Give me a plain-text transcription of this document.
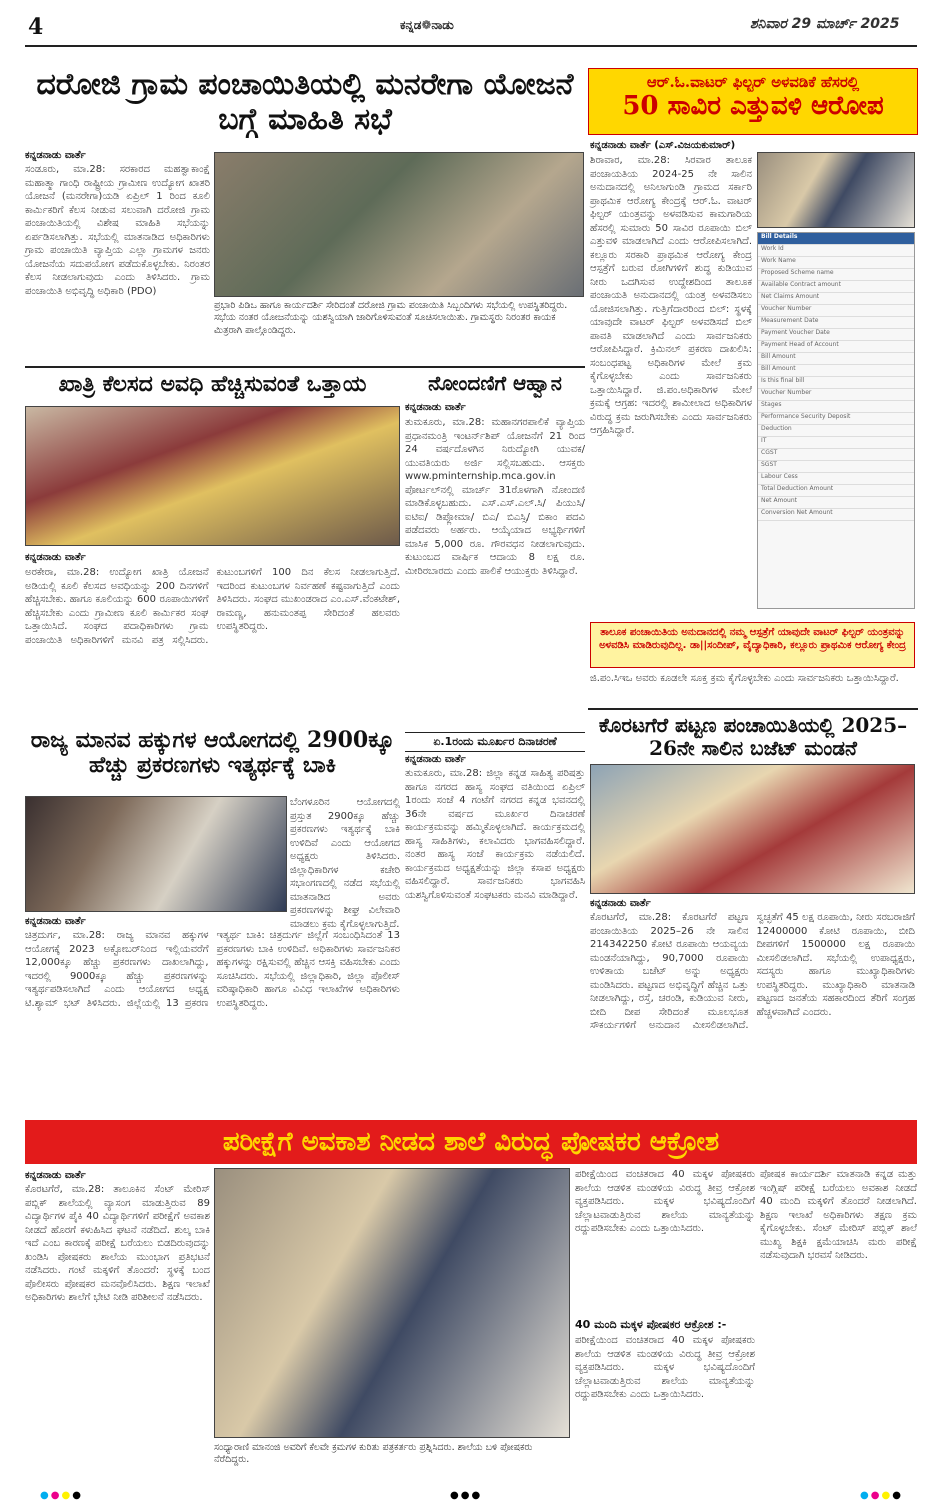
4	ಕನ್ನಡ❁ನಾಡು	ಶನಿವಾರ 29 ಮಾರ್ಚ್ 2025
ದರೋಜಿ ಗ್ರಾಮ ಪಂಚಾಯಿತಿಯಲ್ಲಿ ಮನರೇಗಾ ಯೋಜನೆ ಬಗ್ಗೆ ಮಾಹಿತಿ ಸಭೆ
ಕನ್ನಡನಾಡು ವಾರ್ತೆ
ಸಂಡೂರು, ಮಾ.28: ಸರಕಾರದ ಮಹತ್ವಾಕಾಂಕ್ಷೆ ಮಹಾತ್ಮಾ ಗಾಂಧಿ ರಾಷ್ಟ್ರೀಯ ಗ್ರಾಮೀಣ ಉದ್ಯೋಗ ಖಾತರಿ ಯೋಜನೆ (ಮನರೇಗಾ)ಯಡಿ ಏಪ್ರಿಲ್ 1 ರಿಂದ ಕೂಲಿ ಕಾರ್ಮಿಕರಿಗೆ ಕೆಲಸ ನೀಡುವ ಸಲುವಾಗಿ ದರೋಜಿ ಗ್ರಾಮ ಪಂಚಾಯಿತಿಯಲ್ಲಿ ವಿಶೇಷ ಮಾಹಿತಿ ಸಭೆಯನ್ನು ಏರ್ಪಡಿಸಲಾಗಿತ್ತು. ಸಭೆಯಲ್ಲಿ ಮಾತನಾಡಿದ ಅಧಿಕಾರಿಗಳು ಗ್ರಾಮ ಪಂಚಾಯಿತಿ ವ್ಯಾಪ್ತಿಯ ಎಲ್ಲಾ ಗ್ರಾಮಗಳ ಜನರು ಯೋಜನೆಯ ಸದುಪಯೋಗ ಪಡೆದುಕೊಳ್ಳಬೇಕು. ನಿರಂತರ ಕೆಲಸ ನೀಡಲಾಗುವುದು ಎಂದು ತಿಳಿಸಿದರು. ಗ್ರಾಮ ಪಂಚಾಯಿತಿ ಅಭಿವೃದ್ಧಿ ಅಧಿಕಾರಿ (PDO)
ಪ್ರಭಾರಿ ಪಿಡಿಒ ಹಾಗೂ ಕಾರ್ಯದರ್ಶಿ ಸೇರಿದಂತೆ ದರೋಜಿ ಗ್ರಾಮ ಪಂಚಾಯಿತಿ ಸಿಬ್ಬಂದಿಗಳು ಸಭೆಯಲ್ಲಿ ಉಪಸ್ಥಿತರಿದ್ದರು. ಸಭೆಯ ನಂತರ ಯೋಜನೆಯನ್ನು ಯಶಸ್ವಿಯಾಗಿ ಜಾರಿಗೊಳಿಸುವಂತೆ ಸೂಚಿಸಲಾಯಿತು. ಗ್ರಾಮಸ್ಥರು ನಿರಂತರ ಕಾಯಕ ಮಿತ್ರರಾಗಿ ಪಾಲ್ಗೊಂಡಿದ್ದರು.
ಆರ್.ಓ.ವಾಟರ್ ಫಿಲ್ಟರ್ ಅಳವಡಿಕೆ ಹೆಸರಲ್ಲಿ
50 ಸಾವಿರ ಎತ್ತುವಳಿ ಆರೋಪ
ಕನ್ನಡನಾಡು ವಾರ್ತೆ (ಎಸ್.ವಿಜಯಕುಮಾರ್)
ಶಿರಾವಾರ, ಮಾ.28: ಸಿರವಾರ ತಾಲೂಕ ಪಂಚಾಯತಿಯ 2024-25 ನೇ ಸಾಲಿನ ಅನುದಾನದಲ್ಲಿ ಅನಿಲಾಗುಂಡಿ ಗ್ರಾಮದ ಸರ್ಕಾರಿ ಪ್ರಾಥಮಿಕ ಆರೋಗ್ಯ ಕೇಂದ್ರಕ್ಕೆ ಆರ್.ಓ. ವಾಟರ್ ಫಿಲ್ಟರ್ ಯಂತ್ರವನ್ನು ಅಳವಡಿಸುವ ಕಾಮಗಾರಿಯ ಹೆಸರಲ್ಲಿ ಸುಮಾರು 50 ಸಾವಿರ ರೂಪಾಯಿ ಬಿಲ್ ಎತ್ತುವಳಿ ಮಾಡಲಾಗಿದೆ ಎಂದು ಆರೋಪಿಸಲಾಗಿದೆ. ಕಲ್ಲೂರು ಸರಕಾರಿ ಪ್ರಾಥಮಿಕ ಆರೋಗ್ಯ ಕೇಂದ್ರ ಆಸ್ಪತ್ರೆಗೆ ಬರುವ ರೋಗಿಗಳಿಗೆ ಶುದ್ಧ ಕುಡಿಯುವ ನೀರು ಒದಗಿಸುವ ಉದ್ದೇಶದಿಂದ ತಾಲೂಕ ಪಂಚಾಯತಿ ಅನುದಾನದಲ್ಲಿ ಯಂತ್ರ ಅಳವಡಿಸಲು ಯೋಜಿಸಲಾಗಿತ್ತು. ಗುತ್ತಿಗೆದಾರರಿಂದ ಬಿಲ್: ಸ್ಥಳಕ್ಕೆ ಯಾವುದೇ ವಾಟರ್ ಫಿಲ್ಟರ್ ಅಳವಡಿಸದೆ ಬಿಲ್ ಪಾವತಿ ಮಾಡಲಾಗಿದೆ ಎಂದು ಸಾರ್ವಜನಿಕರು ಆರೋಪಿಸಿದ್ದಾರೆ. ಕ್ರಿಮಿನಲ್ ಪ್ರಕರಣ ದಾಖಲಿಸಿ: ಸಂಬಂಧಪಟ್ಟ ಅಧಿಕಾರಿಗಳ ಮೇಲೆ ಕ್ರಮ ಕೈಗೊಳ್ಳಬೇಕು ಎಂದು ಸಾರ್ವಜನಿಕರು ಒತ್ತಾಯಿಸಿದ್ದಾರೆ. ಜಿ.ಪಂ.ಅಧಿಕಾರಿಗಳ ಮೇಲೆ ಕ್ರಮಕ್ಕೆ ಆಗ್ರಹ: ಇದರಲ್ಲಿ ಶಾಮೀಲಾದ ಅಧಿಕಾರಿಗಳ ವಿರುದ್ಧ ಕ್ರಮ ಜರುಗಿಸಬೇಕು ಎಂದು ಸಾರ್ವಜನಿಕರು ಆಗ್ರಹಿಸಿದ್ದಾರೆ.
Bill Details
Work Id
Work Name
Proposed Scheme name
Available Contract amount
Net Claims Amount
Voucher Number
Measurement Date
Payment Voucher Date
Payment Head of Account
Bill Amount
Bill Amount
Is this final bill
Voucher Number
Stages
Performance Security Deposit
Deduction
IT
CGST
SGST
Labour Cess
Total Deduction Amount
Net Amount
Conversion Net Amount
ತಾಲೂಕ ಪಂಚಾಯಿತಿಯ ಅನುದಾನದಲ್ಲಿ ನಮ್ಮ ಆಸ್ಪತ್ರೆಗೆ ಯಾವುದೇ ವಾಟರ್ ಫಿಲ್ಟರ್ ಯಂತ್ರವನ್ನು ಅಳವಡಿಸಿ ಮಾಡಿರುವುದಿಲ್ಲ. ಡಾ||ಸಂದೀಪ್, ವೈದ್ಯಾಧಿಕಾರಿ, ಕಲ್ಲೂರು ಪ್ರಾಥಮಿಕ ಆರೋಗ್ಯ ಕೇಂದ್ರ
ಜಿ.ಪಂ.ಸಿಇಒ ಅವರು ಕೂಡಲೇ ಸೂಕ್ತ ಕ್ರಮ ಕೈಗೊಳ್ಳಬೇಕು ಎಂದು ಸಾರ್ವಜನಿಕರು ಒತ್ತಾಯಿಸಿದ್ದಾರೆ.
ಖಾತ್ರಿ ಕೆಲಸದ ಅವಧಿ ಹೆಚ್ಚಿಸುವಂತೆ ಒತ್ತಾಯ
ಕನ್ನಡನಾಡು ವಾರ್ತೆ
ಅರಕೇರಾ, ಮಾ.28: ಉದ್ಯೋಗ ಖಾತ್ರಿ ಯೋಜನೆ ಅಡಿಯಲ್ಲಿ ಕೂಲಿ ಕೆಲಸದ ಅವಧಿಯನ್ನು 200 ದಿನಗಳಿಗೆ ಹೆಚ್ಚಿಸಬೇಕು. ಹಾಗೂ ಕೂಲಿಯನ್ನು 600 ರೂಪಾಯಿಗಳಿಗೆ ಹೆಚ್ಚಿಸಬೇಕು ಎಂದು ಗ್ರಾಮೀಣ ಕೂಲಿ ಕಾರ್ಮಿಕರ ಸಂಘ ಒತ್ತಾಯಿಸಿದೆ. ಸಂಘದ ಪದಾಧಿಕಾರಿಗಳು ಗ್ರಾಮ ಪಂಚಾಯಿತಿ ಅಧಿಕಾರಿಗಳಿಗೆ ಮನವಿ ಪತ್ರ ಸಲ್ಲಿಸಿದರು. ಕುಟುಂಬಗಳಿಗೆ 100 ದಿನ ಕೆಲಸ ನೀಡಲಾಗುತ್ತಿದೆ. ಇದರಿಂದ ಕುಟುಂಬಗಳ ನಿರ್ವಹಣೆ ಕಷ್ಟವಾಗುತ್ತಿದೆ ಎಂದು ತಿಳಿಸಿದರು. ಸಂಘದ ಮುಖಂಡರಾದ ಎಂ.ಎಸ್.ವೆಂಕಟೇಶ್, ರಾಮಣ್ಣ, ಹನುಮಂತಪ್ಪ ಸೇರಿದಂತೆ ಹಲವರು ಉಪಸ್ಥಿತರಿದ್ದರು.
ನೋಂದಣಿಗೆ ಆಹ್ವಾನ
ಕನ್ನಡನಾಡು ವಾರ್ತೆ
ತುಮಕೂರು, ಮಾ.28: ಮಹಾನಗರಪಾಲಿಕೆ ವ್ಯಾಪ್ತಿಯ ಪ್ರಧಾನಮಂತ್ರಿ ಇಂಟರ್ನ್‌ಶಿಪ್ ಯೋಜನೆಗೆ 21 ರಿಂದ 24 ವರ್ಷದೊಳಗಿನ ನಿರುದ್ಯೋಗಿ ಯುವಕ/ಯುವತಿಯರು ಅರ್ಜಿ ಸಲ್ಲಿಸಬಹುದು. ಆಸಕ್ತರು www.pminternship.mca.gov.in ಪೋರ್ಟಲ್‌ನಲ್ಲಿ ಮಾರ್ಚ್ 31ರೊಳಗಾಗಿ ನೋಂದಣಿ ಮಾಡಿಕೊಳ್ಳಬಹುದು. ಎಸ್.ಎಸ್.ಎಲ್.ಸಿ/ ಪಿಯುಸಿ/ ಐಟಿಐ/ ಡಿಪ್ಲೋಮಾ/ ಬಿಎ/ ಬಿಎಸ್ಸಿ/ ಬಿಕಾಂ ಪದವಿ ಪಡೆದವರು ಅರ್ಹರು. ಆಯ್ಕೆಯಾದ ಅಭ್ಯರ್ಥಿಗಳಿಗೆ ಮಾಸಿಕ 5,000 ರೂ. ಗೌರವಧನ ನೀಡಲಾಗುವುದು. ಕುಟುಂಬದ ವಾರ್ಷಿಕ ಆದಾಯ 8 ಲಕ್ಷ ರೂ. ಮೀರಿರಬಾರದು ಎಂದು ಪಾಲಿಕೆ ಆಯುಕ್ತರು ತಿಳಿಸಿದ್ದಾರೆ.
ಏ.1ರಂದು ಮೂರ್ಖರ ದಿನಾಚರಣೆ
ಕನ್ನಡನಾಡು ವಾರ್ತೆ
ತುಮಕೂರು, ಮಾ.28: ಜಿಲ್ಲಾ ಕನ್ನಡ ಸಾಹಿತ್ಯ ಪರಿಷತ್ತು ಹಾಗೂ ನಗರದ ಹಾಸ್ಯ ಸಂಘದ ವತಿಯಿಂದ ಏಪ್ರಿಲ್ 1ರಂದು ಸಂಜೆ 4 ಗಂಟೆಗೆ ನಗರದ ಕನ್ನಡ ಭವನದಲ್ಲಿ 36ನೇ ವರ್ಷದ ಮೂರ್ಖರ ದಿನಾಚರಣೆ ಕಾರ್ಯಕ್ರಮವನ್ನು ಹಮ್ಮಿಕೊಳ್ಳಲಾಗಿದೆ. ಕಾರ್ಯಕ್ರಮದಲ್ಲಿ ಹಾಸ್ಯ ಸಾಹಿತಿಗಳು, ಕಲಾವಿದರು ಭಾಗವಹಿಸಲಿದ್ದಾರೆ. ನಂತರ ಹಾಸ್ಯ ಸಂಜೆ ಕಾರ್ಯಕ್ರಮ ನಡೆಯಲಿದೆ. ಕಾರ್ಯಕ್ರಮದ ಅಧ್ಯಕ್ಷತೆಯನ್ನು ಜಿಲ್ಲಾ ಕಸಾಪ ಅಧ್ಯಕ್ಷರು ವಹಿಸಲಿದ್ದಾರೆ. ಸಾರ್ವಜನಿಕರು ಭಾಗವಹಿಸಿ ಯಶಸ್ವಿಗೊಳಿಸುವಂತೆ ಸಂಘಟಕರು ಮನವಿ ಮಾಡಿದ್ದಾರೆ.
ರಾಜ್ಯ ಮಾನವ ಹಕ್ಕುಗಳ ಆಯೋಗದಲ್ಲಿ 2900ಕ್ಕೂ ಹೆಚ್ಚು ಪ್ರಕರಣಗಳು ಇತ್ಯರ್ಥಕ್ಕೆ ಬಾಕಿ
ಬೆಂಗಳೂರಿನ ಆಯೋಗದಲ್ಲಿ ಪ್ರಸ್ತುತ 2900ಕ್ಕೂ ಹೆಚ್ಚು ಪ್ರಕರಣಗಳು ಇತ್ಯರ್ಥಕ್ಕೆ ಬಾಕಿ ಉಳಿದಿವೆ ಎಂದು ಆಯೋಗದ ಅಧ್ಯಕ್ಷರು ತಿಳಿಸಿದರು. ಜಿಲ್ಲಾಧಿಕಾರಿಗಳ ಕಚೇರಿ ಸಭಾಂಗಣದಲ್ಲಿ ನಡೆದ ಸಭೆಯಲ್ಲಿ ಮಾತನಾಡಿದ ಅವರು ಪ್ರಕರಣಗಳನ್ನು ಶೀಘ್ರ ವಿಲೇವಾರಿ ಮಾಡಲು ಕ್ರಮ ಕೈಗೊಳ್ಳಲಾಗುತ್ತಿದೆ.
ಕನ್ನಡನಾಡು ವಾರ್ತೆ
ಚಿತ್ರದುರ್ಗ, ಮಾ.28: ರಾಜ್ಯ ಮಾನವ ಹಕ್ಕುಗಳ ಆಯೋಗಕ್ಕೆ 2023 ಅಕ್ಟೋಬರ್‌ನಿಂದ ಇಲ್ಲಿಯವರೆಗೆ 12,000ಕ್ಕೂ ಹೆಚ್ಚು ಪ್ರಕರಣಗಳು ದಾಖಲಾಗಿದ್ದು, ಇದರಲ್ಲಿ 9000ಕ್ಕೂ ಹೆಚ್ಚು ಪ್ರಕರಣಗಳನ್ನು ಇತ್ಯರ್ಥಪಡಿಸಲಾಗಿದೆ ಎಂದು ಆಯೋಗದ ಅಧ್ಯಕ್ಷ ಟಿ.ಶ್ಯಾಮ್ ಭಟ್ ತಿಳಿಸಿದರು. ಜಿಲ್ಲೆಯಲ್ಲಿ 13 ಪ್ರಕರಣ ಇತ್ಯರ್ಥ ಬಾಕಿ: ಚಿತ್ರದುರ್ಗ ಜಿಲ್ಲೆಗೆ ಸಂಬಂಧಿಸಿದಂತೆ 13 ಪ್ರಕರಣಗಳು ಬಾಕಿ ಉಳಿದಿವೆ. ಅಧಿಕಾರಿಗಳು ಸಾರ್ವಜನಿಕರ ಹಕ್ಕುಗಳನ್ನು ರಕ್ಷಿಸುವಲ್ಲಿ ಹೆಚ್ಚಿನ ಆಸಕ್ತಿ ವಹಿಸಬೇಕು ಎಂದು ಸೂಚಿಸಿದರು. ಸಭೆಯಲ್ಲಿ ಜಿಲ್ಲಾಧಿಕಾರಿ, ಜಿಲ್ಲಾ ಪೊಲೀಸ್ ವರಿಷ್ಠಾಧಿಕಾರಿ ಹಾಗೂ ವಿವಿಧ ಇಲಾಖೆಗಳ ಅಧಿಕಾರಿಗಳು ಉಪಸ್ಥಿತರಿದ್ದರು.
ಕೊರಟಗೆರೆ ಪಟ್ಟಣ ಪಂಚಾಯಿತಿಯಲ್ಲಿ 2025–26ನೇ ಸಾಲಿನ ಬಜೆಟ್ ಮಂಡನೆ
ಕನ್ನಡನಾಡು ವಾರ್ತೆ
ಕೊರಟಗೆರೆ, ಮಾ.28: ಕೊರಟಗೆರೆ ಪಟ್ಟಣ ಪಂಚಾಯಿತಿಯ 2025–26 ನೇ ಸಾಲಿನ 214342250 ಕೋಟಿ ರೂಪಾಯಿ ಆಯವ್ಯಯ ಮಂಡನೆಯಾಗಿದ್ದು, 90,7000 ರೂಪಾಯಿ ಉಳಿತಾಯ ಬಜೆಟ್ ಅನ್ನು ಅಧ್ಯಕ್ಷರು ಮಂಡಿಸಿದರು. ಪಟ್ಟಣದ ಅಭಿವೃದ್ಧಿಗೆ ಹೆಚ್ಚಿನ ಒತ್ತು ನೀಡಲಾಗಿದ್ದು, ರಸ್ತೆ, ಚರಂಡಿ, ಕುಡಿಯುವ ನೀರು, ಬೀದಿ ದೀಪ ಸೇರಿದಂತೆ ಮೂಲಭೂತ ಸೌಕರ್ಯಗಳಿಗೆ ಅನುದಾನ ಮೀಸಲಿಡಲಾಗಿದೆ. ಸ್ವಚ್ಛತೆಗೆ 45 ಲಕ್ಷ ರೂಪಾಯಿ, ನೀರು ಸರಬರಾಜಿಗೆ 12400000 ಕೋಟಿ ರೂಪಾಯಿ, ಬೀದಿ ದೀಪಗಳಿಗೆ 1500000 ಲಕ್ಷ ರೂಪಾಯಿ ಮೀಸಲಿಡಲಾಗಿದೆ. ಸಭೆಯಲ್ಲಿ ಉಪಾಧ್ಯಕ್ಷರು, ಸದಸ್ಯರು ಹಾಗೂ ಮುಖ್ಯಾಧಿಕಾರಿಗಳು ಉಪಸ್ಥಿತರಿದ್ದರು. ಮುಖ್ಯಾಧಿಕಾರಿ ಮಾತನಾಡಿ ಪಟ್ಟಣದ ಜನತೆಯ ಸಹಕಾರದಿಂದ ತೆರಿಗೆ ಸಂಗ್ರಹ ಹೆಚ್ಚಳವಾಗಿದೆ ಎಂದರು.
ಪರೀಕ್ಷೆಗೆ ಅವಕಾಶ ನೀಡದ ಶಾಲೆ ವಿರುದ್ಧ ಪೋಷಕರ ಆಕ್ರೋಶ
ಕನ್ನಡನಾಡು ವಾರ್ತೆ
ಕೊರಟಗೆರೆ, ಮಾ.28: ತಾಲೂಕಿನ ಸೆಂಟ್ ಮೇರಿಸ್ ಪಬ್ಲಿಕ್ ಶಾಲೆಯಲ್ಲಿ ವ್ಯಾಸಂಗ ಮಾಡುತ್ತಿರುವ 89 ವಿದ್ಯಾರ್ಥಿಗಳ ಪೈಕಿ 40 ವಿದ್ಯಾರ್ಥಿಗಳಿಗೆ ಪರೀಕ್ಷೆಗೆ ಅವಕಾಶ ನೀಡದೆ ಹೊರಗೆ ಕಳುಹಿಸಿದ ಘಟನೆ ನಡೆದಿದೆ. ಶುಲ್ಕ ಬಾಕಿ ಇದೆ ಎಂಬ ಕಾರಣಕ್ಕೆ ಪರೀಕ್ಷೆ ಬರೆಯಲು ಬಿಡದಿರುವುದನ್ನು ಖಂಡಿಸಿ ಪೋಷಕರು ಶಾಲೆಯ ಮುಂಭಾಗ ಪ್ರತಿಭಟನೆ ನಡೆಸಿದರು. ಗಂಟೆ ಮಕ್ಕಳಿಗೆ ತೊಂದರೆ: ಸ್ಥಳಕ್ಕೆ ಬಂದ ಪೊಲೀಸರು ಪೋಷಕರ ಮನವೊಲಿಸಿದರು. ಶಿಕ್ಷಣ ಇಲಾಖೆ ಅಧಿಕಾರಿಗಳು ಶಾಲೆಗೆ ಭೇಟಿ ನೀಡಿ ಪರಿಶೀಲನೆ ನಡೆಸಿದರು.
ಸಂಧ್ಯಾರಾಣಿ ಮಾನಂಜಿ ಅವರಿಗೆ ಕೆಲವೇ ಕ್ರಮಗಳ ಕುರಿತು ಪತ್ರಕರ್ತರು ಪ್ರಶ್ನಿಸಿದರು. ಶಾಲೆಯ ಬಳಿ ಪೋಷಕರು ನೆರೆದಿದ್ದರು.
ಪರೀಕ್ಷೆಯಿಂದ ವಂಚಿತರಾದ 40 ಮಕ್ಕಳ ಪೋಷಕರು ಶಾಲೆಯ ಆಡಳಿತ ಮಂಡಳಿಯ ವಿರುದ್ಧ ತೀವ್ರ ಆಕ್ರೋಶ ವ್ಯಕ್ತಪಡಿಸಿದರು. ಮಕ್ಕಳ ಭವಿಷ್ಯದೊಂದಿಗೆ ಚೆಲ್ಲಾಟವಾಡುತ್ತಿರುವ ಶಾಲೆಯ ಮಾನ್ಯತೆಯನ್ನು ರದ್ದುಪಡಿಸಬೇಕು ಎಂದು ಒತ್ತಾಯಿಸಿದರು.
40 ಮಂದಿ ಮಕ್ಕಳ ಪೋಷಕರ ಆಕ್ರೋಶ :-
ಪರೀಕ್ಷೆಯಿಂದ ವಂಚಿತರಾದ 40 ಮಕ್ಕಳ ಪೋಷಕರು ಶಾಲೆಯ ಆಡಳಿತ ಮಂಡಳಿಯ ವಿರುದ್ಧ ತೀವ್ರ ಆಕ್ರೋಶ ವ್ಯಕ್ತಪಡಿಸಿದರು. ಮಕ್ಕಳ ಭವಿಷ್ಯದೊಂದಿಗೆ ಚೆಲ್ಲಾಟವಾಡುತ್ತಿರುವ ಶಾಲೆಯ ಮಾನ್ಯತೆಯನ್ನು ರದ್ದುಪಡಿಸಬೇಕು ಎಂದು ಒತ್ತಾಯಿಸಿದರು.
ಪೋಷಕ ಕಾರ್ಯದರ್ಶಿ ಮಾತನಾಡಿ ಕನ್ನಡ ಮತ್ತು ಇಂಗ್ಲಿಷ್ ಪರೀಕ್ಷೆ ಬರೆಯಲು ಅವಕಾಶ ನೀಡದೆ 40 ಮಂದಿ ಮಕ್ಕಳಿಗೆ ತೊಂದರೆ ನೀಡಲಾಗಿದೆ. ಶಿಕ್ಷಣ ಇಲಾಖೆ ಅಧಿಕಾರಿಗಳು ತಕ್ಷಣ ಕ್ರಮ ಕೈಗೊಳ್ಳಬೇಕು. ಸೆಂಟ್ ಮೇರಿಸ್ ಪಬ್ಲಿಕ್ ಶಾಲೆ ಮುಖ್ಯ ಶಿಕ್ಷಕಿ ಕ್ಷಮೆಯಾಚಿಸಿ ಮರು ಪರೀಕ್ಷೆ ನಡೆಸುವುದಾಗಿ ಭರವಸೆ ನೀಡಿದರು.
●●●●	●●●	●●●●
